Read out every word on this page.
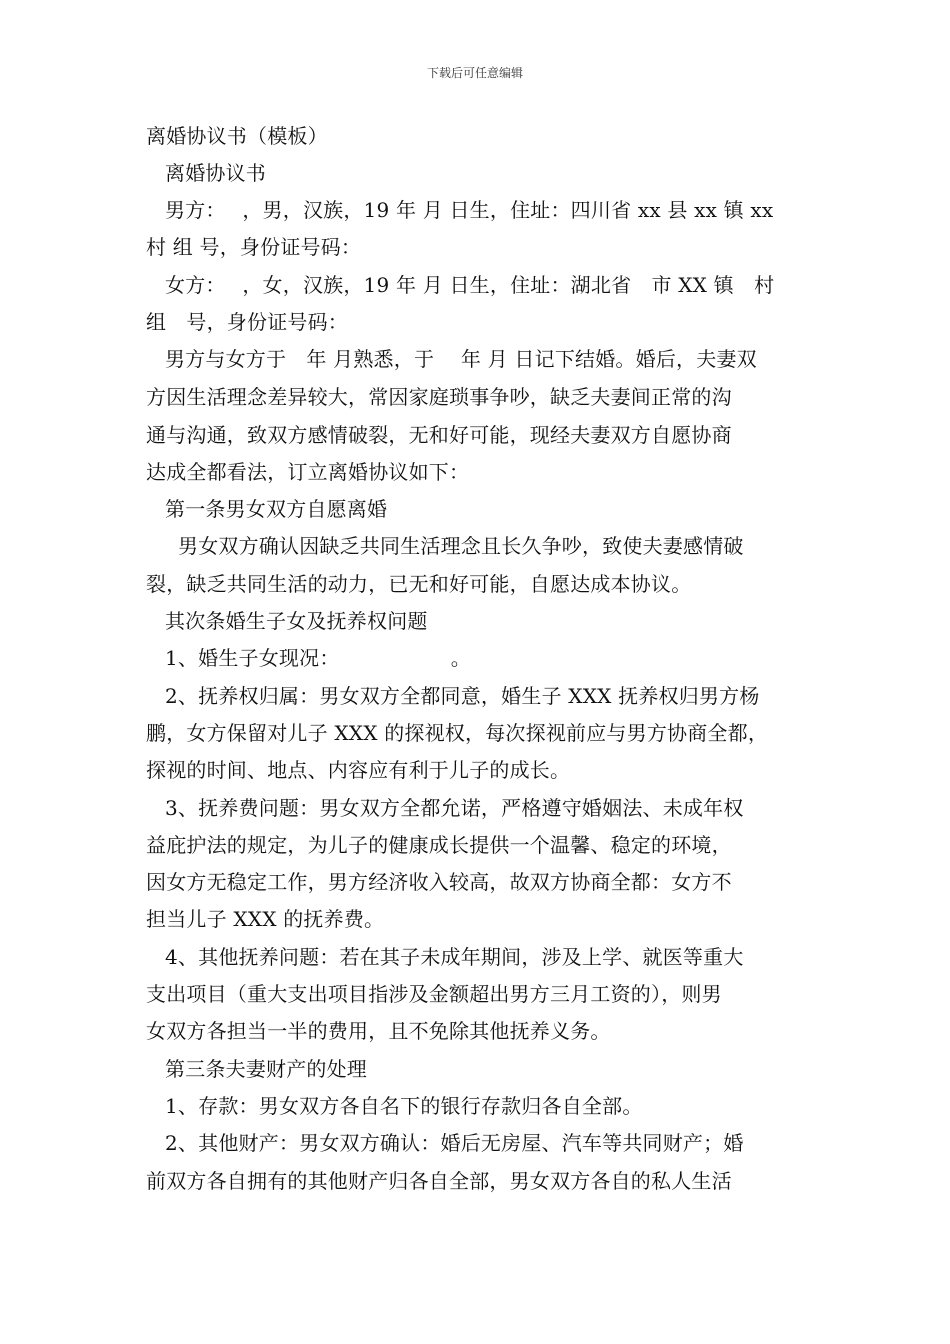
下载后可任意编辑
离婚协议书（模板）
离婚协议书
男方：　 ，男，汉族，19 年 月 日生，住址：四川省 xx 县 xx 镇 xx
村 组 号，身份证号码：
女方：　 ，女，汉族，19 年 月 日生，住址：湖北省　市 XX 镇　村
组　号，身份证号码：
男方与女方于　年 月熟悉，于　 年 月 日记下结婚。婚后，夫妻双
方因生活理念差异较大，常因家庭琐事争吵，缺乏夫妻间正常的沟
通与沟通，致双方感情破裂，无和好可能，现经夫妻双方自愿协商
达成全都看法，订立离婚协议如下：
第一条男女双方自愿离婚
男女双方确认因缺乏共同生活理念且长久争吵，致使夫妻感情破
裂，缺乏共同生活的动力，已无和好可能，自愿达成本协议。
其次条婚生子女及抚养权问题
1、婚生子女现况：　　　　　　。
2、抚养权归属：男女双方全都同意，婚生子 XXX 抚养权归男方杨
鹏，女方保留对儿子 XXX 的探视权，每次探视前应与男方协商全都，
探视的时间、地点、内容应有利于儿子的成长。
3、抚养费问题：男女双方全都允诺，严格遵守婚姻法、未成年权
益庇护法的规定，为儿子的健康成长提供一个温馨、稳定的环境，
因女方无稳定工作，男方经济收入较高，故双方协商全都：女方不
担当儿子 XXX 的抚养费。
4、其他抚养问题：若在其子未成年期间，涉及上学、就医等重大
支出项目（重大支出项目指涉及金额超出男方三月工资的），则男
女双方各担当一半的费用，且不免除其他抚养义务。
第三条夫妻财产的处理
1、存款：男女双方各自名下的银行存款归各自全部。
2、其他财产：男女双方确认：婚后无房屋、汽车等共同财产；婚
前双方各自拥有的其他财产归各自全部，男女双方各自的私人生活
